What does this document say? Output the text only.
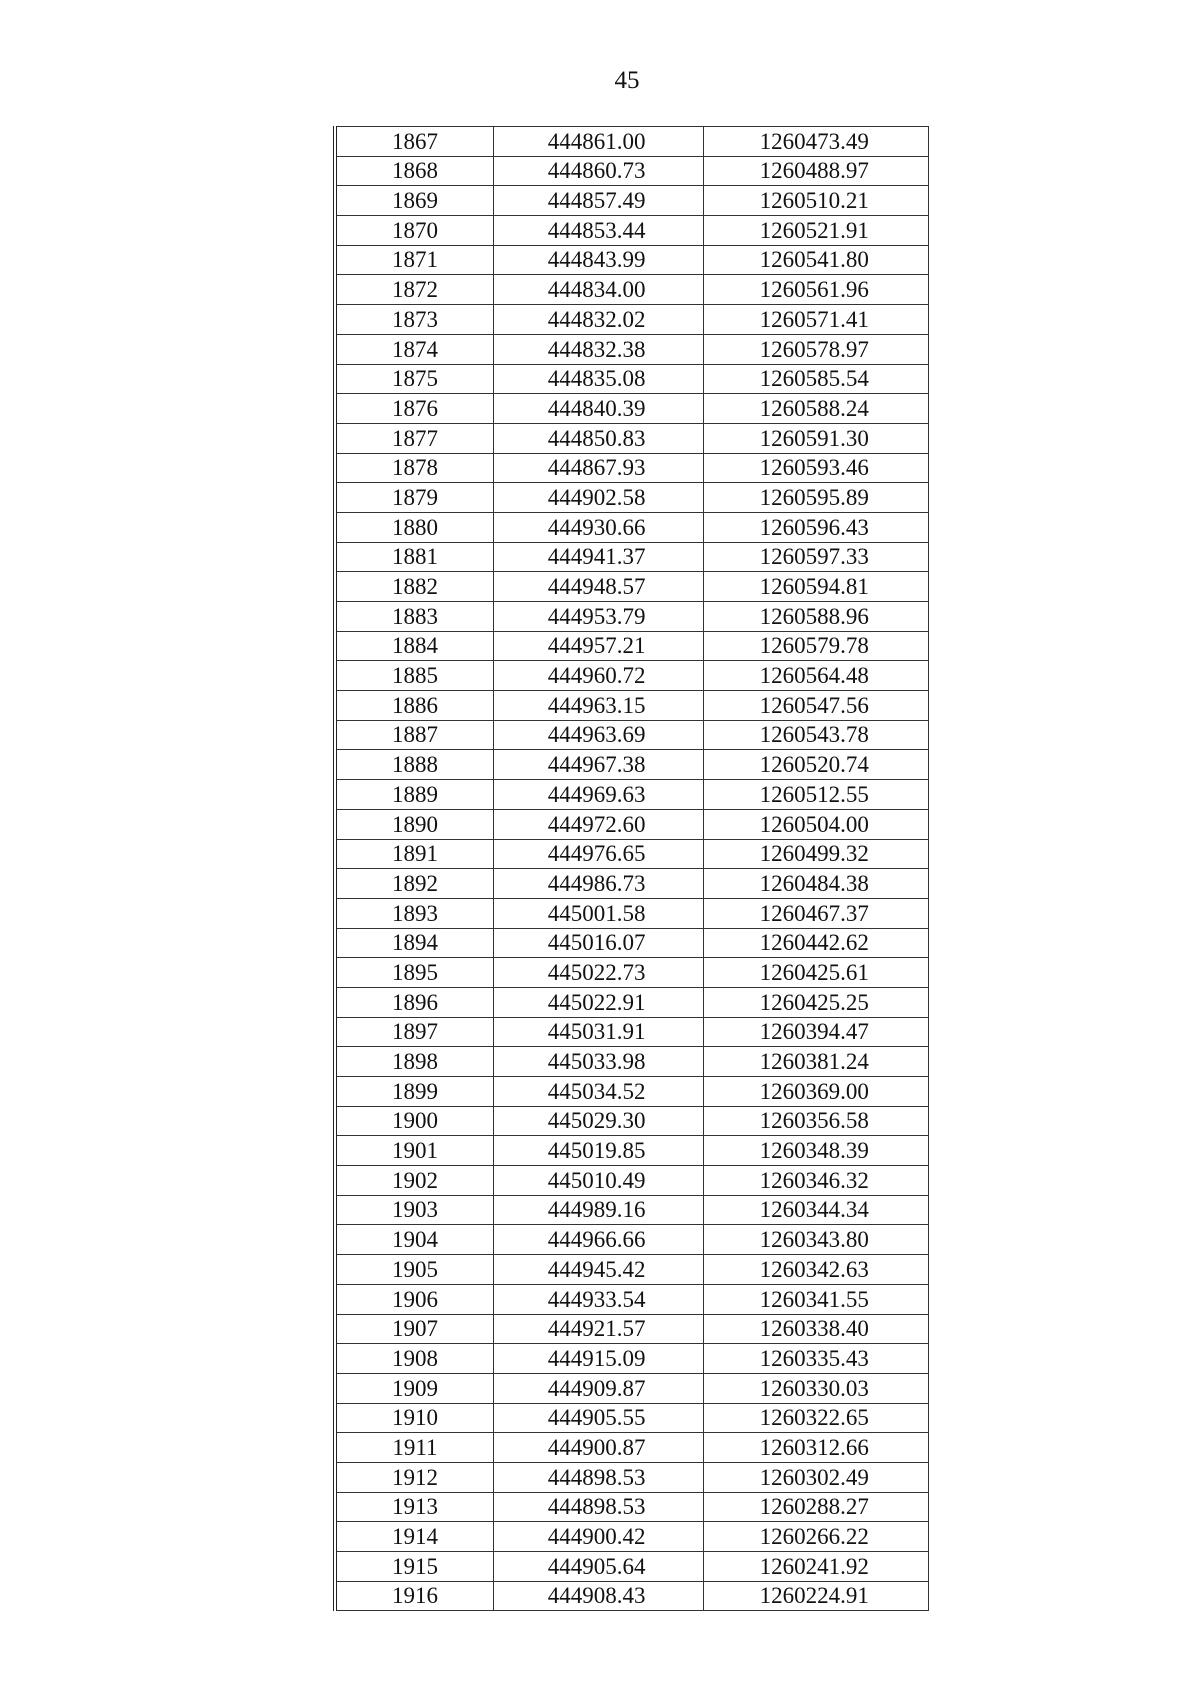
45
1867	444861.00	1260473.49
1868	444860.73	1260488.97
1869	444857.49	1260510.21
1870	444853.44	1260521.91
1871	444843.99	1260541.80
1872	444834.00	1260561.96
1873	444832.02	1260571.41
1874	444832.38	1260578.97
1875	444835.08	1260585.54
1876	444840.39	1260588.24
1877	444850.83	1260591.30
1878	444867.93	1260593.46
1879	444902.58	1260595.89
1880	444930.66	1260596.43
1881	444941.37	1260597.33
1882	444948.57	1260594.81
1883	444953.79	1260588.96
1884	444957.21	1260579.78
1885	444960.72	1260564.48
1886	444963.15	1260547.56
1887	444963.69	1260543.78
1888	444967.38	1260520.74
1889	444969.63	1260512.55
1890	444972.60	1260504.00
1891	444976.65	1260499.32
1892	444986.73	1260484.38
1893	445001.58	1260467.37
1894	445016.07	1260442.62
1895	445022.73	1260425.61
1896	445022.91	1260425.25
1897	445031.91	1260394.47
1898	445033.98	1260381.24
1899	445034.52	1260369.00
1900	445029.30	1260356.58
1901	445019.85	1260348.39
1902	445010.49	1260346.32
1903	444989.16	1260344.34
1904	444966.66	1260343.80
1905	444945.42	1260342.63
1906	444933.54	1260341.55
1907	444921.57	1260338.40
1908	444915.09	1260335.43
1909	444909.87	1260330.03
1910	444905.55	1260322.65
1911	444900.87	1260312.66
1912	444898.53	1260302.49
1913	444898.53	1260288.27
1914	444900.42	1260266.22
1915	444905.64	1260241.92
1916	444908.43	1260224.91
